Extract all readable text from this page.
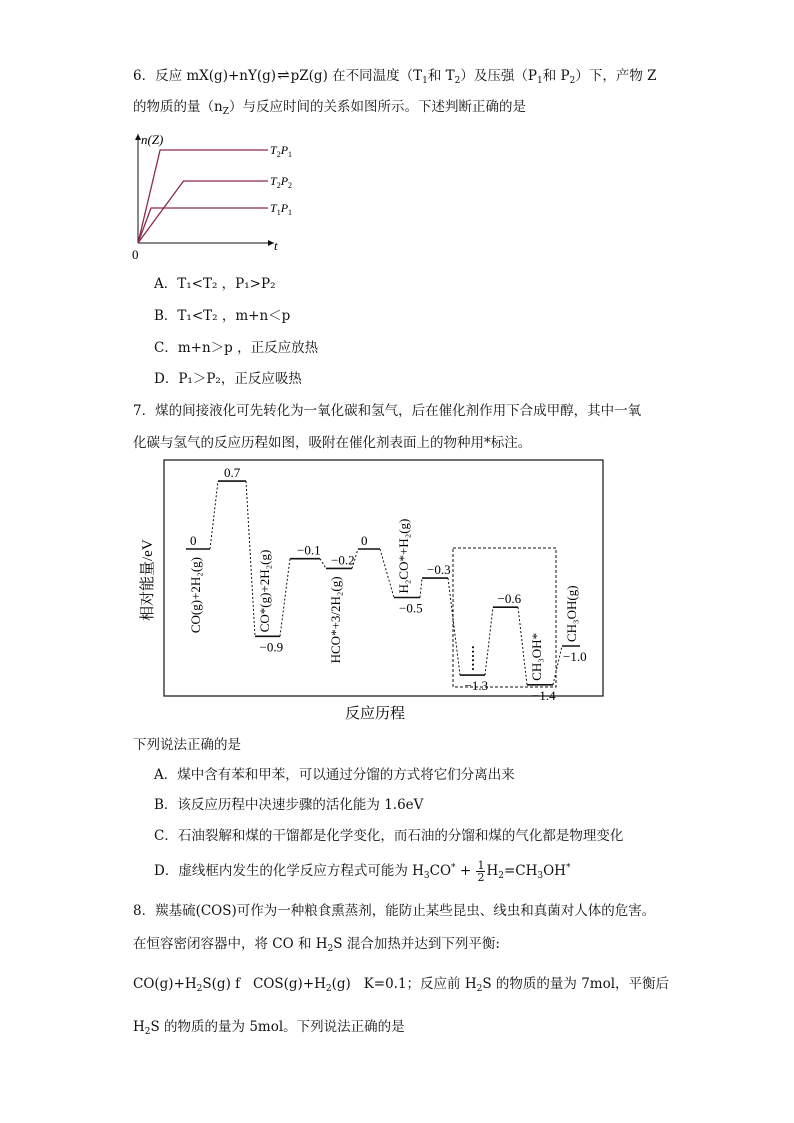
6．反应 mX(g)+nY(g)⇌pZ(g) 在不同温度（$T_1$和 $T_2$）及压强（$P_1$和 $P_2$）下，产物 Z
的物质的量$(n_Z)$与反应时间的关系如图所示。下述判断正确的是
n(Z)
t
0
$T_2P_1$
$T_2P_2$
$T_1P_1$
A．T₁<T₂ ，P₁>P₂
B．T₁<T₂ ，m+n＜p
C．m+n＞p ，正反应放热
D．P₁＞P₂，正反应吸热
7．煤的间接液化可先转化为一氧化碳和氢气，后在催化剂作用下合成甲醇，其中一氧
化碳与氢气的反应历程如图，吸附在催化剂表面上的物种用*标注。
相对能量/eV
反应历程
0
CO(g)+2H₂(g)
0.7
−0.9
CO*(g)+2H₂(g) −0.1
−0.2
HCO*+3/2H₂(g)
0
−0.5
H₂CO*+H₂(g) −0.3
−1.3
……
−0.6
−1.4
CH₃OH* −1.0
CH₃OH(g)
下列说法正确的是
A．煤中含有苯和甲苯，可以通过分馏的方式将它们分离出来
B．该反应历程中决速步骤的活化能为 1.6eV
C．石油裂解和煤的干馏都是化学变化，而石油的分馏和煤的气化都是物理变化
D．虚线框内发生的化学反应方程式可能为 $H_3CO^* + \frac{1}{2} H_2=CH_3OH^*$
8．羰基硫(COS)可作为一种粮食熏蒸剂，能防止某些昆虫、线虫和真菌对人体的危害。
在恒容密闭容器中，将 CO 和 $H_2S$ 混合加热并达到下列平衡:
$CO(g)+H_2S(g)$ f   $COS(g)+H_2(g)$   K=0.1；反应前 $H_2S$ 的物质的量为 7mol，平衡后
$H_2S$ 的物质的量为 5mol。下列说法正确的是
